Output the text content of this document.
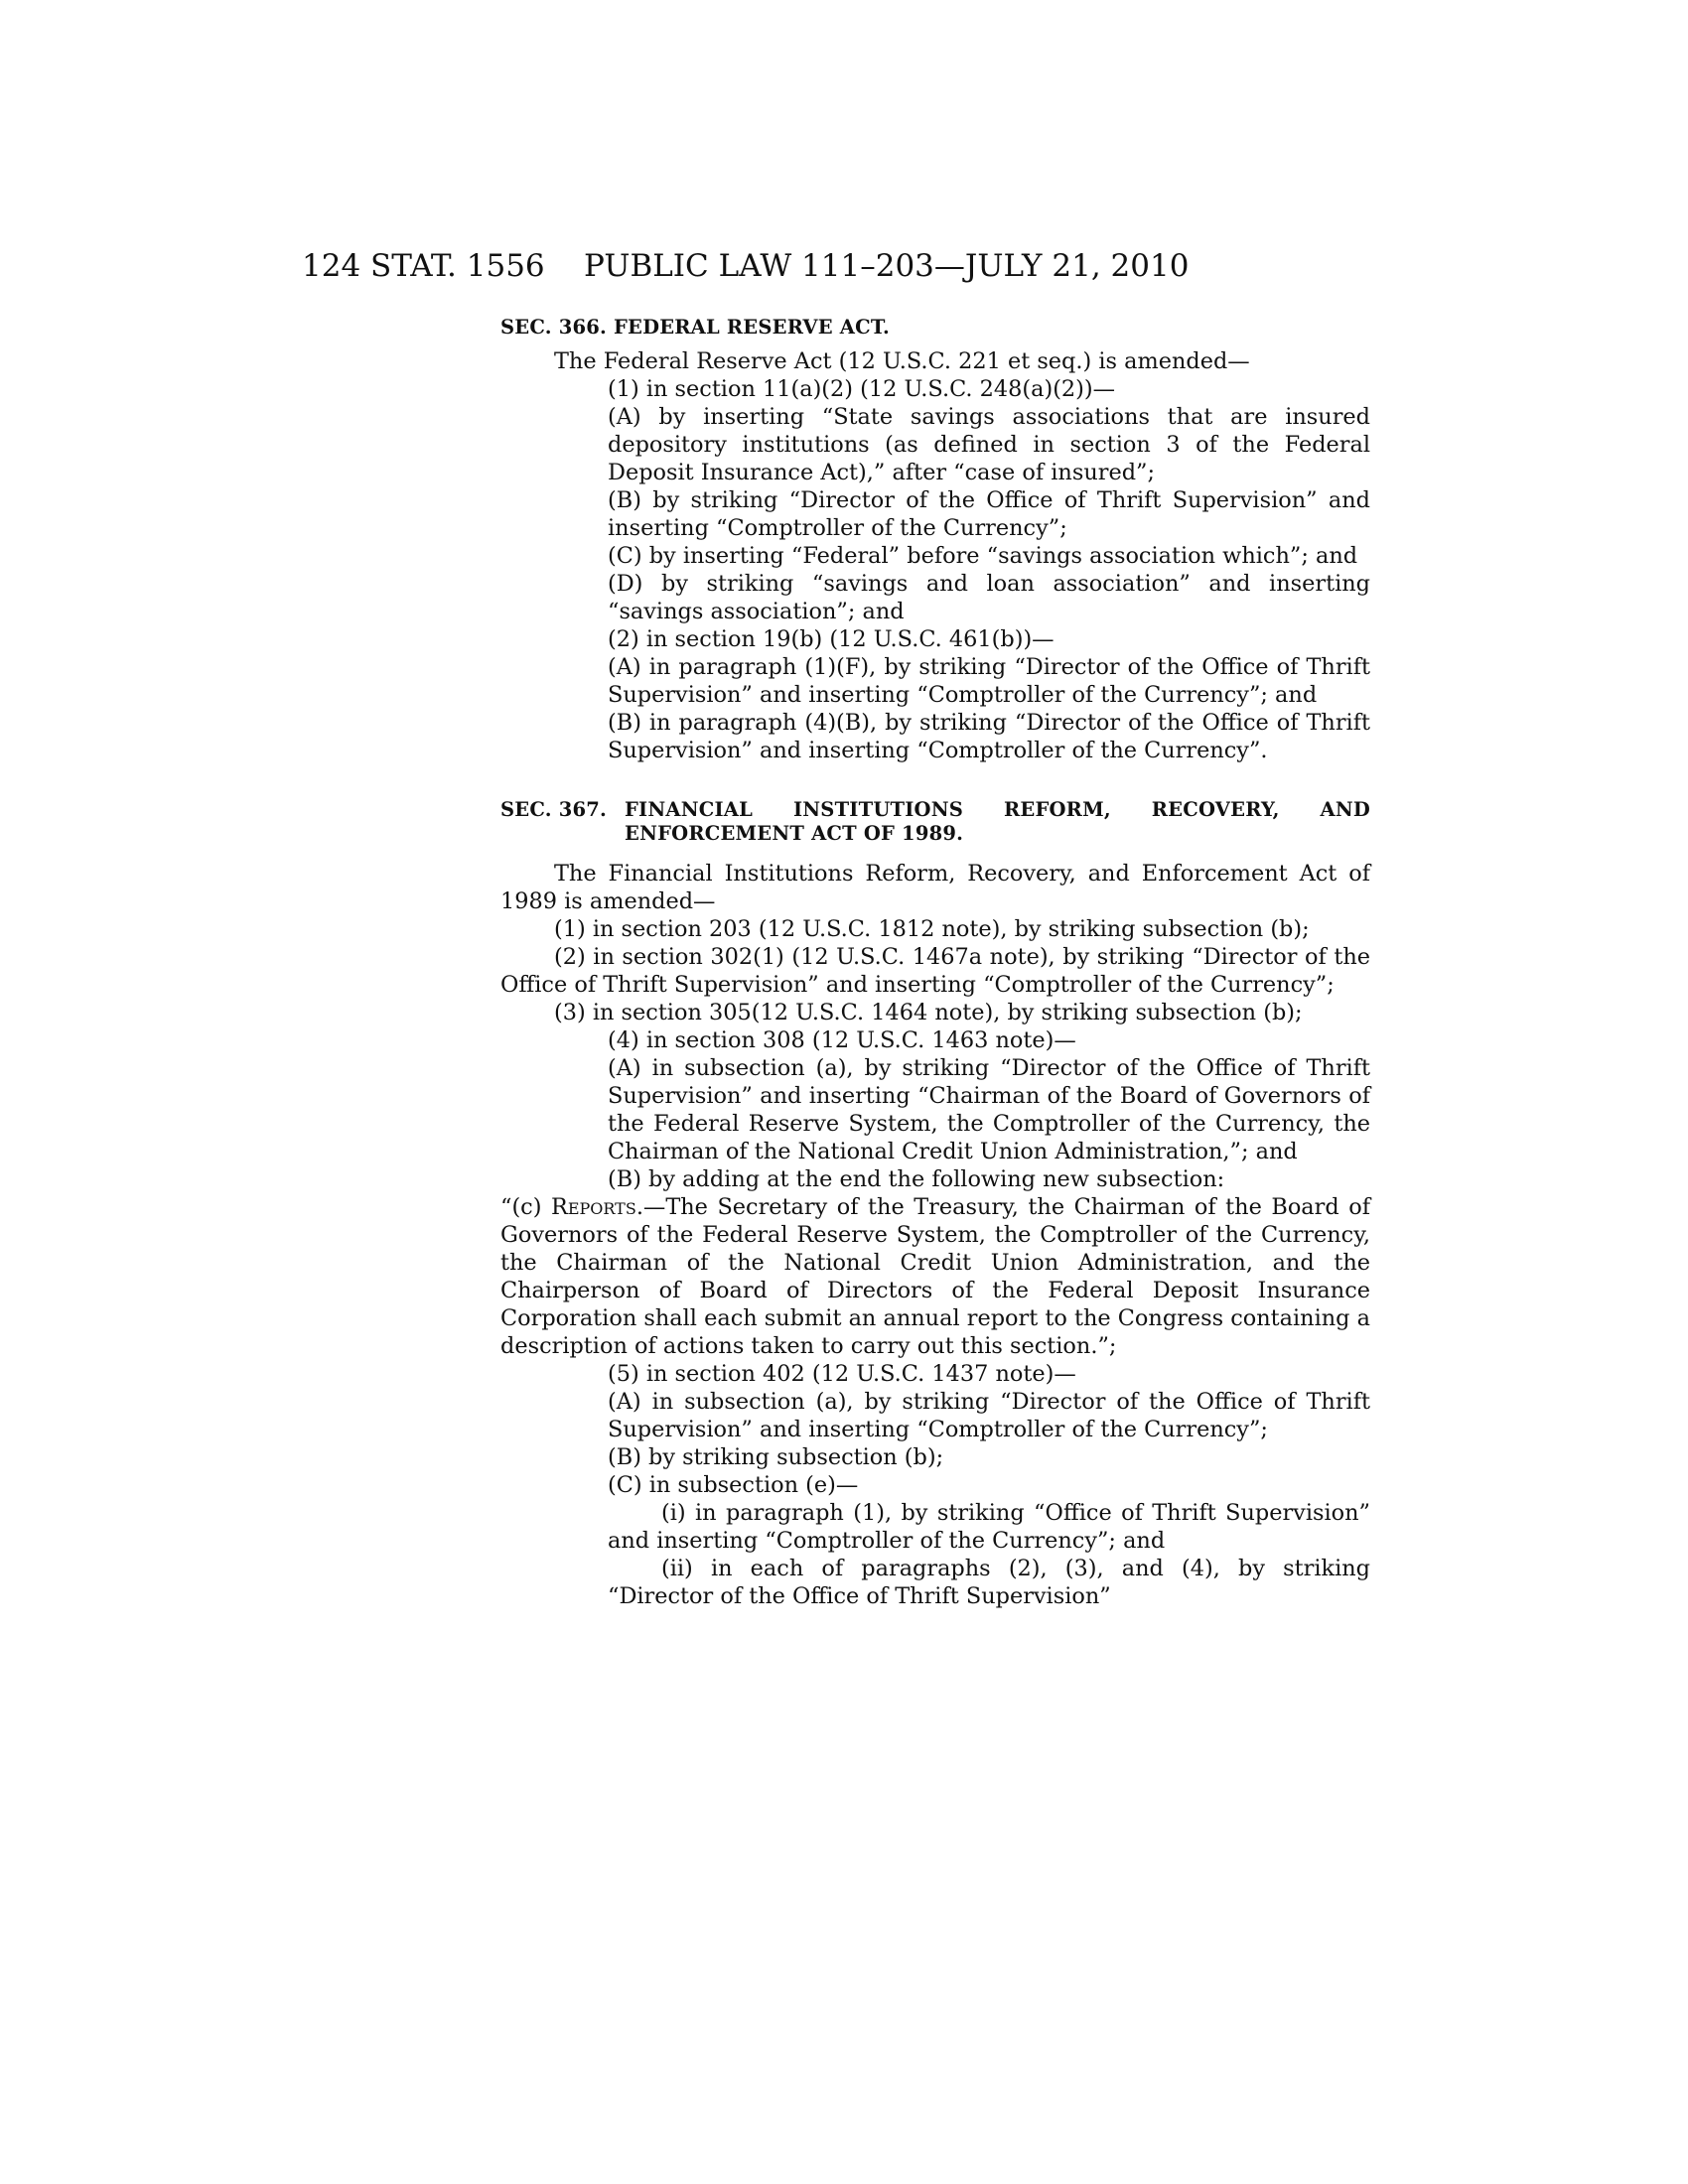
124 STAT. 1556 PUBLIC LAW 111–203—JULY 21, 2010
SEC. 366. FEDERAL RESERVE ACT.

The Federal Reserve Act (12 U.S.C. 221 et seq.) is amended—

(1) in section 11(a)(2) (12 U.S.C. 248(a)(2))—

(A) by inserting “State savings associations that are insured depository institutions (as defined in section 3 of the Federal Deposit Insurance Act),” after “case of insured”;

(B) by striking “Director of the Office of Thrift Supervision” and inserting “Comptroller of the Currency”;

(C) by inserting “Federal” before “savings association which”; and

(D) by striking “savings and loan association” and inserting “savings association”; and

(2) in section 19(b) (12 U.S.C. 461(b))—

(A) in paragraph (1)(F), by striking “Director of the Office of Thrift Supervision” and inserting “Comptroller of the Currency”; and

(B) in paragraph (4)(B), by striking “Director of the Office of Thrift Supervision” and inserting “Comptroller of the Currency”.

SEC. 367. FINANCIAL INSTITUTIONS REFORM, RECOVERY, AND ENFORCEMENT ACT OF 1989.

The Financial Institutions Reform, Recovery, and Enforcement Act of 1989 is amended—

(1) in section 203 (12 U.S.C. 1812 note), by striking subsection (b);

(2) in section 302(1) (12 U.S.C. 1467a note), by striking “Director of the Office of Thrift Supervision” and inserting “Comptroller of the Currency”;

(3) in section 305(12 U.S.C. 1464 note), by striking subsection (b);

(4) in section 308 (12 U.S.C. 1463 note)—

(A) in subsection (a), by striking “Director of the Office of Thrift Supervision” and inserting “Chairman of the Board of Governors of the Federal Reserve System, the Comptroller of the Currency, the Chairman of the National Credit Union Administration,”; and

(B) by adding at the end the following new subsection:

“(c) Reports.—The Secretary of the Treasury, the Chairman of the Board of Governors of the Federal Reserve System, the Comptroller of the Currency, the Chairman of the National Credit Union Administration, and the Chairperson of Board of Directors of the Federal Deposit Insurance Corporation shall each submit an annual report to the Congress containing a description of actions taken to carry out this section.”;

(5) in section 402 (12 U.S.C. 1437 note)—

(A) in subsection (a), by striking “Director of the Office of Thrift Supervision” and inserting “Comptroller of the Currency”;

(B) by striking subsection (b);

(C) in subsection (e)—

(i) in paragraph (1), by striking “Office of Thrift Supervision” and inserting “Comptroller of the Currency”; and

(ii) in each of paragraphs (2), (3), and (4), by striking “Director of the Office of Thrift Supervision”
